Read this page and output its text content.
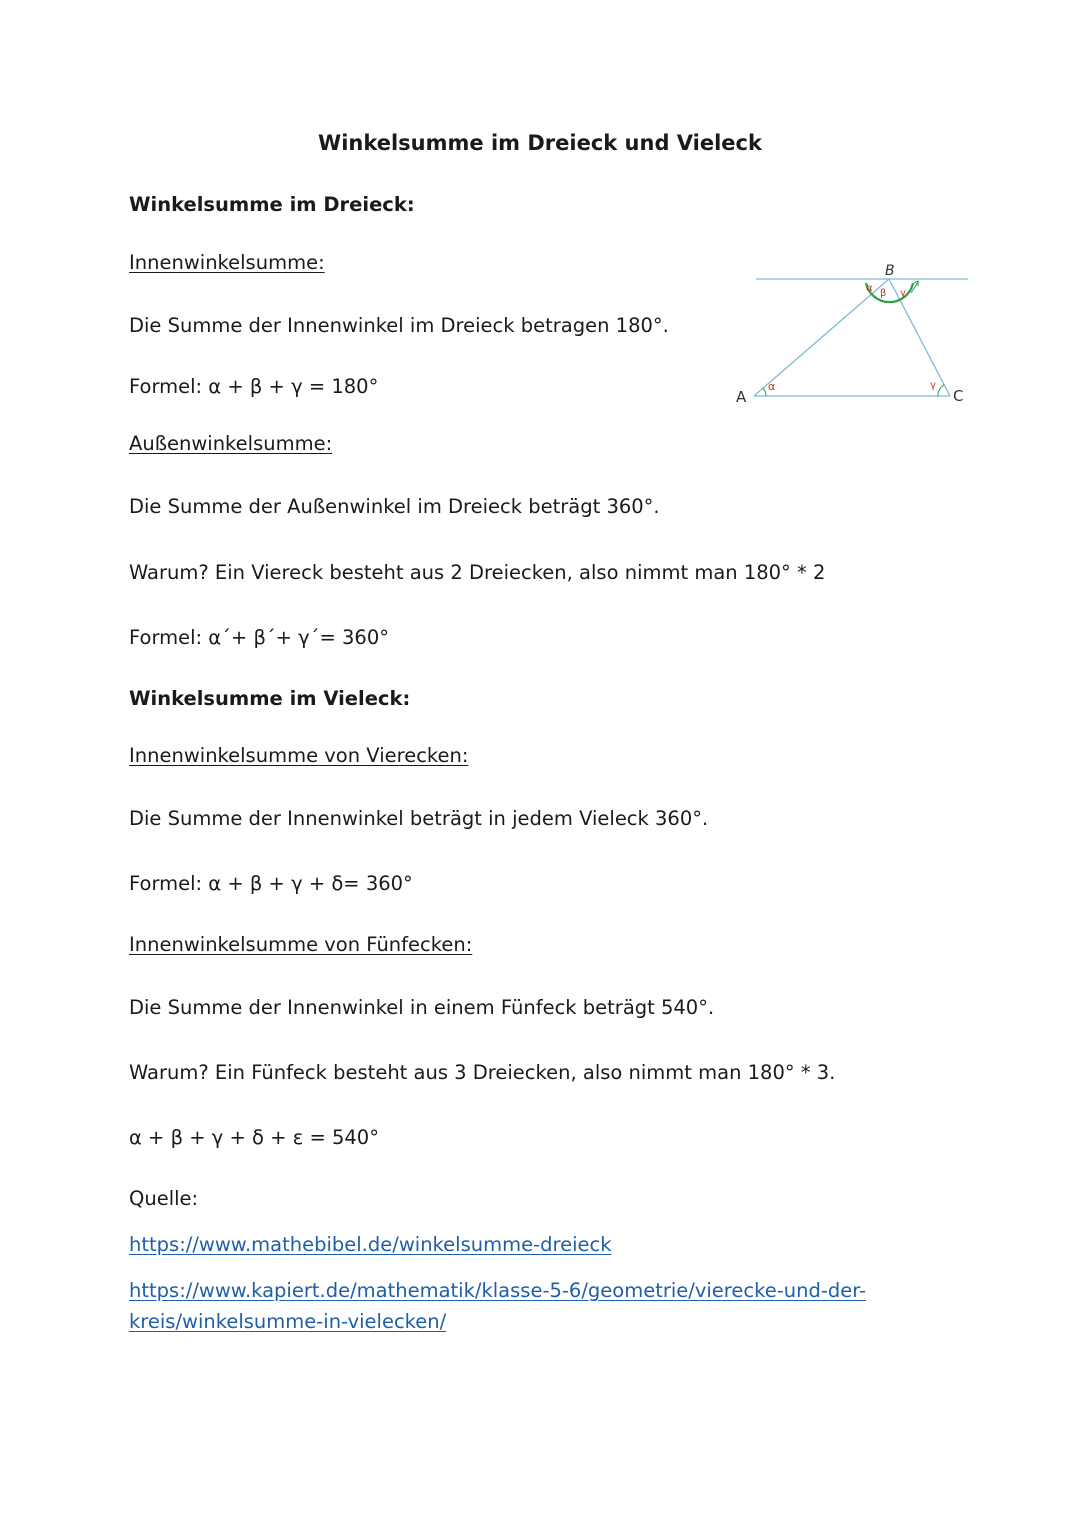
Winkelsumme im Dreieck und Vieleck
Winkelsumme im Dreieck:
Innenwinkelsumme:
Die Summe der Innenwinkel im Dreieck betragen 180°.
Formel: α + β + γ = 180°
Außenwinkelsumme:
Die Summe der Außenwinkel im Dreieck beträgt 360°.
Warum? Ein Viereck besteht aus 2 Dreiecken, also nimmt man 180° * 2
Formel: α´+ β´+ γ´= 360°
Winkelsumme im Vieleck:
Innenwinkelsumme von Vierecken:
Die Summe der Innenwinkel beträgt in jedem Vieleck 360°.
Formel: α + β + γ + δ= 360°
Innenwinkelsumme von Fünfecken:
Die Summe der Innenwinkel in einem Fünfeck beträgt 540°.
Warum? Ein Fünfeck besteht aus 3 Dreiecken, also nimmt man 180° * 3.
α + β + γ + δ + ε = 540°
Quelle:
https://www.mathebibel.de/winkelsumme-dreieck
https://www.kapiert.de/mathematik/klasse-5-6/geometrie/vierecke-und-der-
kreis/winkelsumme-in-vielecken/
A
B
C
α
α β γ
γ
